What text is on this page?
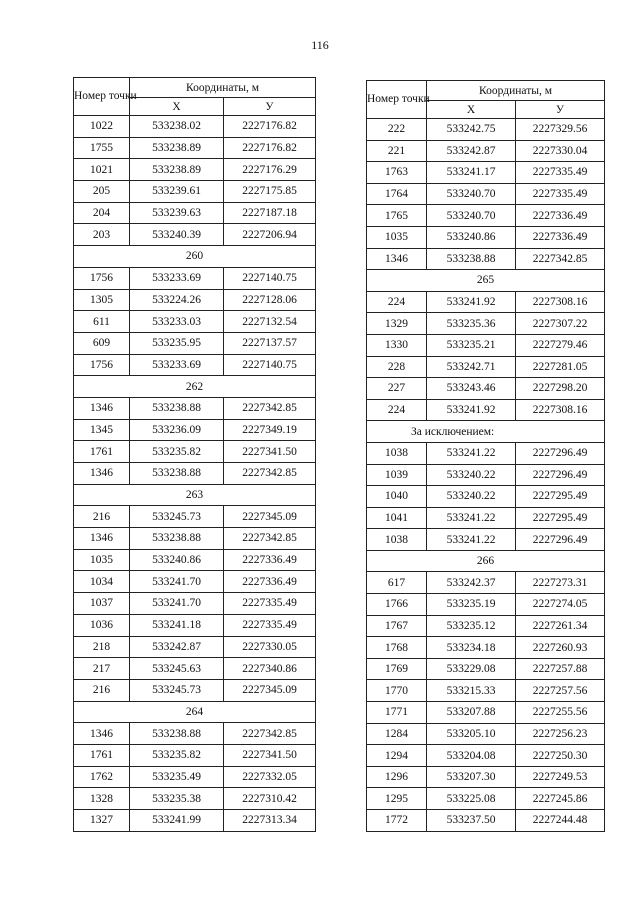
116
Номер точки	Координаты, м	
	X	У
1022	533238.02	2227176.82
1755	533238.89	2227176.82
1021	533238.89	2227176.29
205	533239.61	2227175.85
204	533239.63	2227187.18
203	533240.39	2227206.94
260		
1756	533233.69	2227140.75
1305	533224.26	2227128.06
611	533233.03	2227132.54
609	533235.95	2227137.57
1756	533233.69	2227140.75
262		
1346	533238.88	2227342.85
1345	533236.09	2227349.19
1761	533235.82	2227341.50
1346	533238.88	2227342.85
263		
216	533245.73	2227345.09
1346	533238.88	2227342.85
1035	533240.86	2227336.49
1034	533241.70	2227336.49
1037	533241.70	2227335.49
1036	533241.18	2227335.49
218	533242.87	2227330.05
217	533245.63	2227340.86
216	533245.73	2227345.09
264		
1346	533238.88	2227342.85
1761	533235.82	2227341.50
1762	533235.49	2227332.05
1328	533235.38	2227310.42
1327	533241.99	2227313.34
Номер точки	Координаты, м	
	X	У
222	533242.75	2227329.56
221	533242.87	2227330.04
1763	533241.17	2227335.49
1764	533240.70	2227335.49
1765	533240.70	2227336.49
1035	533240.86	2227336.49
1346	533238.88	2227342.85
265		
224	533241.92	2227308.16
1329	533235.36	2227307.22
1330	533235.21	2227279.46
228	533242.71	2227281.05
227	533243.46	2227298.20
224	533241.92	2227308.16
За исключением:		
1038	533241.22	2227296.49
1039	533240.22	2227296.49
1040	533240.22	2227295.49
1041	533241.22	2227295.49
1038	533241.22	2227296.49
266		
617	533242.37	2227273.31
1766	533235.19	2227274.05
1767	533235.12	2227261.34
1768	533234.18	2227260.93
1769	533229.08	2227257.88
1770	533215.33	2227257.56
1771	533207.88	2227255.56
1284	533205.10	2227256.23
1294	533204.08	2227250.30
1296	533207.30	2227249.53
1295	533225.08	2227245.86
1772	533237.50	2227244.48
